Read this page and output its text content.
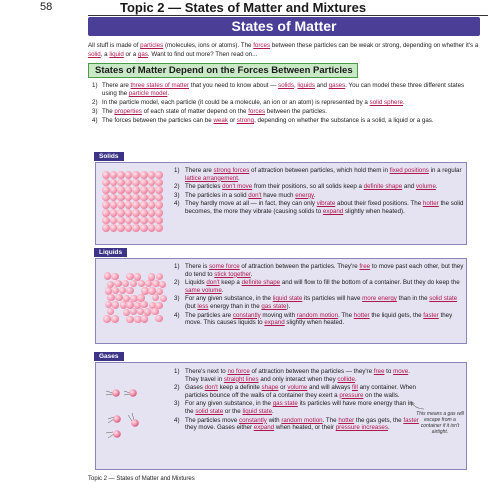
58	Topic 2 — States of Matter and Mixtures
States of Matter

All stuff is made of particles (molecules, ions or atoms). The forces between these particles can be weak or strong, depending on whether it's a solid, a liquid or a gas. Want to find out more? Then read on...

States of Matter Depend on the Forces Between Particles
1) There are three states of matter that you need to know about — solids, liquids and gases. You can model these three different states using the particle model.
2) In the particle model, each particle (it could be a molecule, an ion or an atom) is represented by a solid sphere.
3) The properties of each state of matter depend on the forces between the particles.
4) The forces between the particles can be weak or strong, depending on whether the substance is a solid, a liquid or a gas.
Solids
1) There are strong forces of attraction between particles, which hold them in fixed positions in a regular lattice arrangement.
2) The particles don't move from their positions, so all solids keep a definite shape and volume.
3) The particles in a solid don't have much energy.
4) They hardly move at all — in fact, they can only vibrate about their fixed positions. The hotter the solid becomes, the more they vibrate (causing solids to expand slightly when heated).
Liquids
1) There is some force of attraction between the particles. They're free to move past each other, but they do tend to stick together.
2) Liquids don't keep a definite shape and will flow to fill the bottom of a container. But they do keep the same volume.
3) For any given substance, in the liquid state its particles will have more energy than in the solid state (but less energy than in the gas state).
4) The particles are constantly moving with random motion. The hotter the liquid gets, the faster they move. This causes liquids to expand slightly when heated.
Gases
1) There's next to no force of attraction between the particles — they're free to move. They travel in straight lines and only interact when they collide.
2) Gases don't keep a definite shape or volume and will always fill any container. When particles bounce off the walls of a container they exert a pressure on the walls.
3) For any given substance, in the gas state its particles will have more energy than in the solid state or the liquid state.
4) The particles move constantly with random motion. The hotter the gas gets, the faster they move. Gases either expand when heated, or their pressure increases.
This means a gas will escape from a container if it isn't airtight.
Topic 2 — States of Matter and Mixtures
